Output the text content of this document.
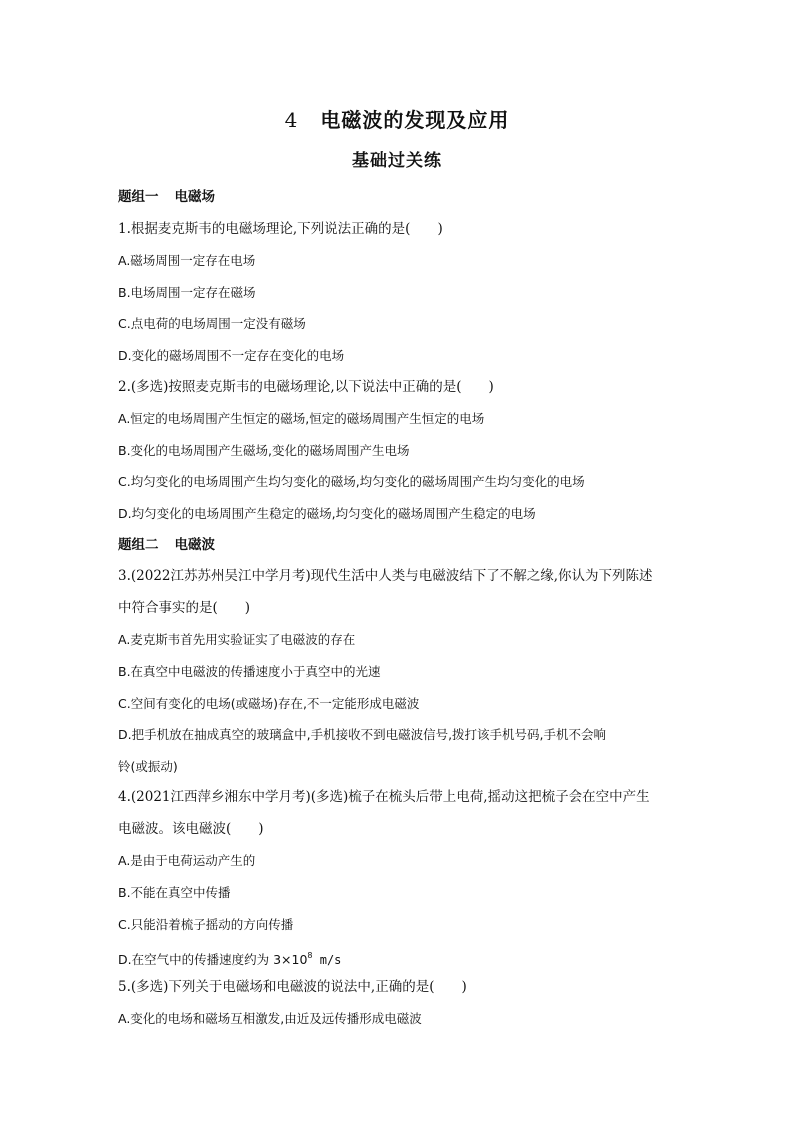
4 电磁波的发现及应用
基础过关练
题组一 电磁场
1.根据麦克斯韦的电磁场理论,下列说法正确的是(　　)
A.磁场周围一定存在电场
B.电场周围一定存在磁场
C.点电荷的电场周围一定没有磁场
D.变化的磁场周围不一定存在变化的电场
2.(多选)按照麦克斯韦的电磁场理论,以下说法中正确的是(　　)
A.恒定的电场周围产生恒定的磁场,恒定的磁场周围产生恒定的电场
B.变化的电场周围产生磁场,变化的磁场周围产生电场
C.均匀变化的电场周围产生均匀变化的磁场,均匀变化的磁场周围产生均匀变化的电场
D.均匀变化的电场周围产生稳定的磁场,均匀变化的磁场周围产生稳定的电场
题组二 电磁波
3.(2022江苏苏州吴江中学月考)现代生活中人类与电磁波结下了不解之缘,你认为下列陈述
中符合事实的是(　　)
A.麦克斯韦首先用实验证实了电磁波的存在
B.在真空中电磁波的传播速度小于真空中的光速
C.空间有变化的电场(或磁场)存在,不一定能形成电磁波
D.把手机放在抽成真空的玻璃盒中,手机接收不到电磁波信号,拨打该手机号码,手机不会响
铃(或振动)
4.(2021江西萍乡湘东中学月考)(多选)梳子在梳头后带上电荷,摇动这把梳子会在空中产生
电磁波。该电磁波(　　)
A.是由于电荷运动产生的
B.不能在真空中传播
C.只能沿着梳子摇动的方向传播
D.在空气中的传播速度约为 $3\times 10^8$ m/s
5.(多选)下列关于电磁场和电磁波的说法中,正确的是(　　)
A.变化的电场和磁场互相激发,由近及远传播形成电磁波
